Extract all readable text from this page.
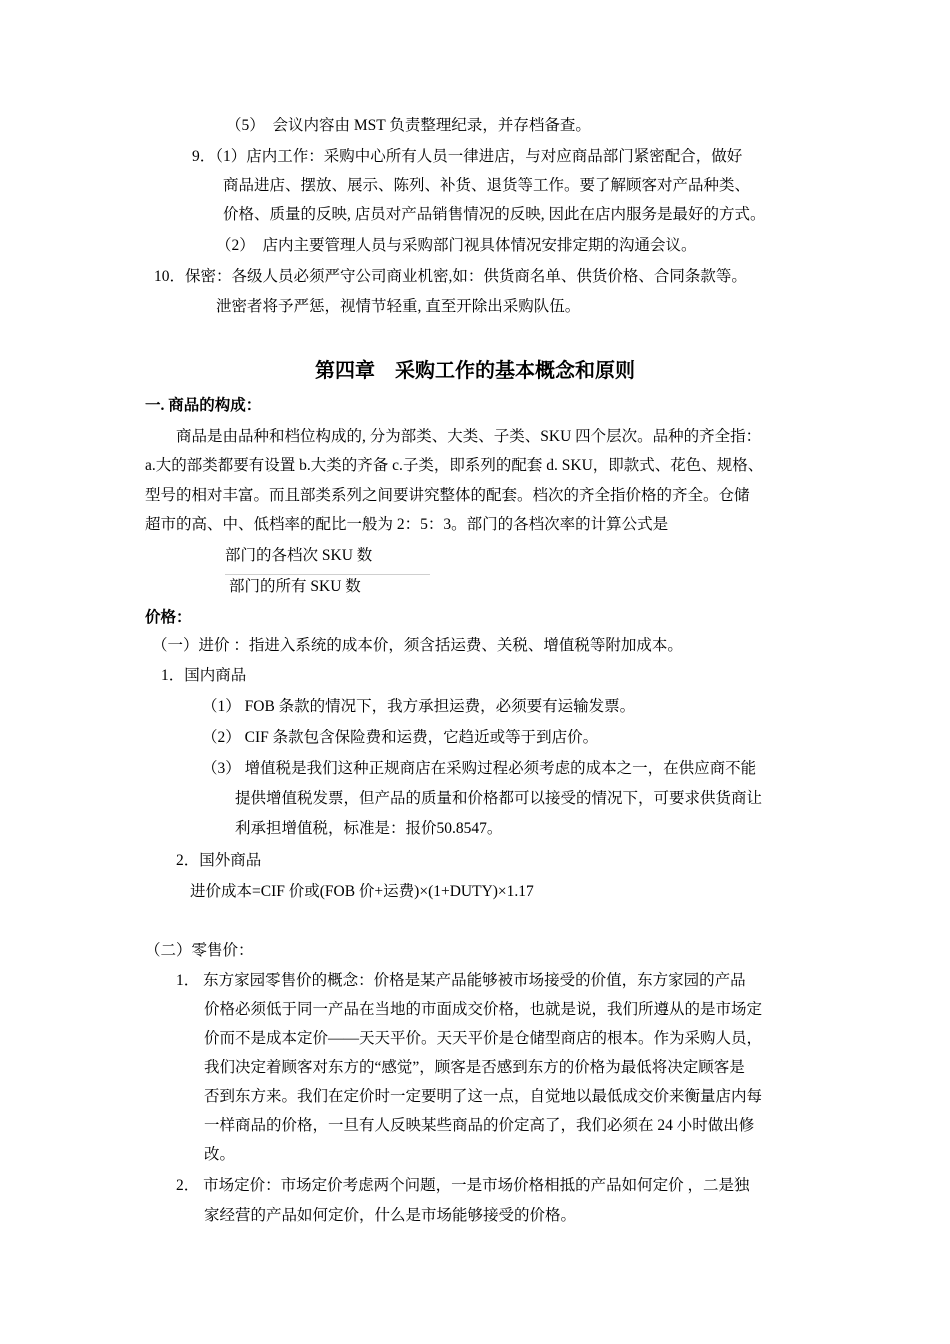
（5）　会议内容由 MST 负责整理纪录，并存档备查。
9．（1）店内工作：采购中心所有人员一律进店，与对应商品部门紧密配合，做好
商品进店、摆放、展示、陈列、补货、退货等工作。要了解顾客对产品种类、
价格、质量的反映, 店员对产品销售情况的反映, 因此在店内服务是最好的方式。
（2）　店内主要管理人员与采购部门视具体情况安排定期的沟通会议。
10．保密：各级人员必须严守公司商业机密,如：供货商名单、供货价格、合同条款等。
泄密者将予严惩，视情节轻重, 直至开除出采购队伍。
第四章　采购工作的基本概念和原则
一. 商品的构成：
商品是由品种和档位构成的, 分为部类、大类、子类、SKU 四个层次。品种的齐全指：
a.大的部类都要有设置 b.大类的齐备 c.子类，即系列的配套 d. SKU，即款式、花色、规格、
型号的相对丰富。而且部类系列之间要讲究整体的配套。档次的齐全指价格的齐全。仓储
超市的高、中、低档率的配比一般为 2：5：3。部门的各档次率的计算公式是
部门的各档次 SKU 数
部门的所有 SKU 数
价格：
（一）进价 ：指进入系统的成本价，须含括运费、关税、增值税等附加成本。
1．国内商品
（1） FOB 条款的情况下，我方承担运费，必须要有运输发票。
（2） CIF 条款包含保险费和运费，它趋近或等于到店价。
（3） 增值税是我们这种正规商店在采购过程必须考虑的成本之一，在供应商不能
提供增值税发票，但产品的质量和价格都可以接受的情况下，可要求供货商让
利承担增值税，标准是：报价50.8547。
2．国外商品
进价成本=CIF 价或(FOB 价+运费)×(1+DUTY)×1.17
（二）零售价：
1． 东方家园零售价的概念：价格是某产品能够被市场接受的价值，东方家园的产品
价格必须低于同一产品在当地的市面成交价格，也就是说，我们所遵从的是市场定
价而不是成本定价——天天平价。天天平价是仓储型商店的根本。作为采购人员，
我们决定着顾客对东方的“感觉”，顾客是否感到东方的价格为最低将决定顾客是
否到东方来。我们在定价时一定要明了这一点，自觉地以最低成交价来衡量店内每
一样商品的价格，一旦有人反映某些商品的价定高了，我们必须在 24 小时做出修
改。
2． 市场定价：市场定价考虑两个问题，一是市场价格相抵的产品如何定价 ，二是独
家经营的产品如何定价，什么是市场能够接受的价格。
